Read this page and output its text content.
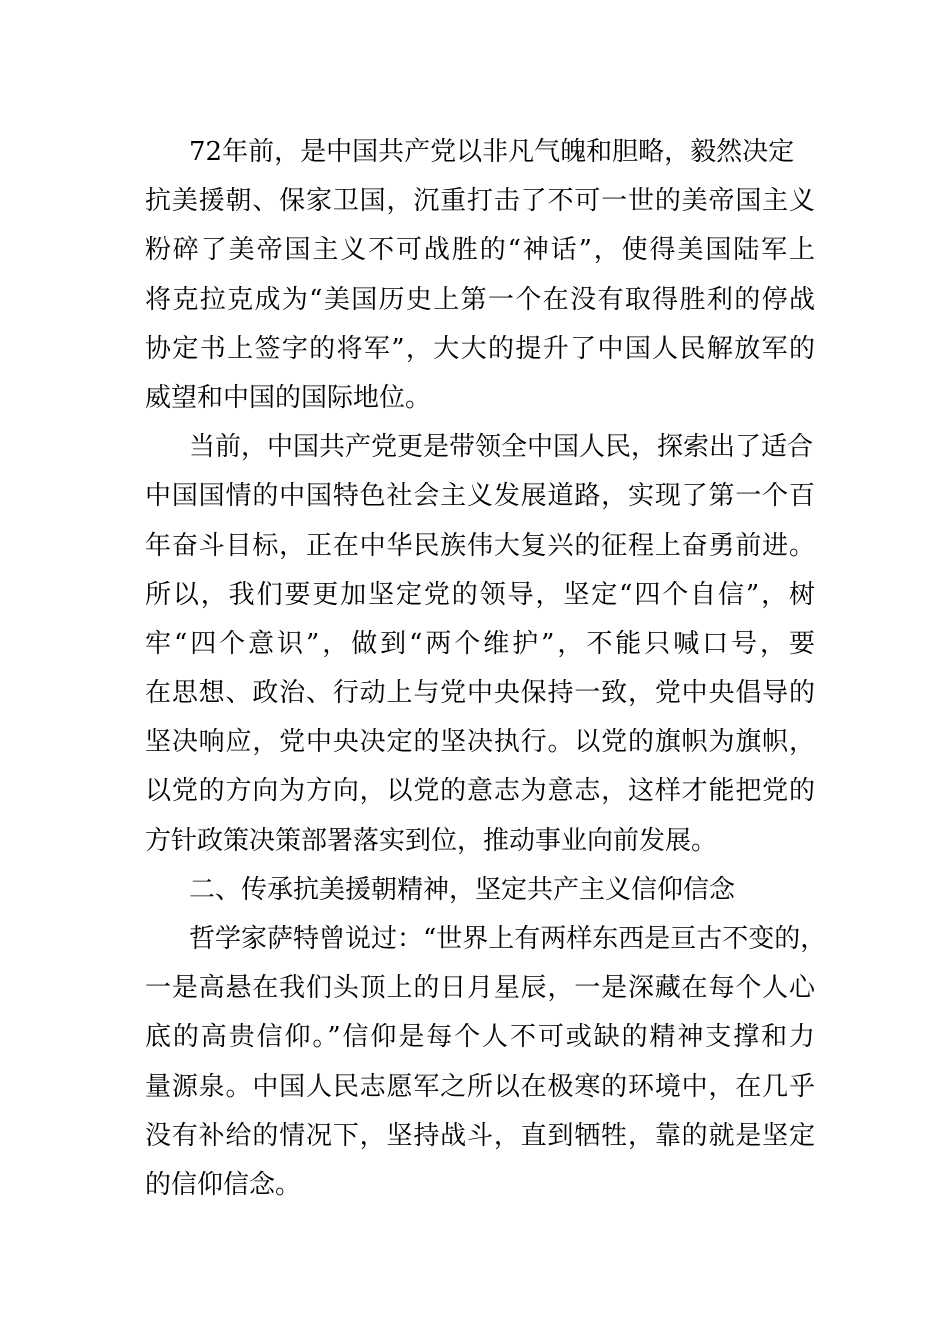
72年前，是中国共产党以非凡气魄和胆略，毅然决定
抗美援朝、保家卫国，沉重打击了不可一世的美帝国主义
粉碎了美帝国主义不可战胜的“神话”，使得美国陆军上
将克拉克成为“美国历史上第一个在没有取得胜利的停战
协定书上签字的将军”，大大的提升了中国人民解放军的
威望和中国的国际地位。
当前，中国共产党更是带领全中国人民，探索出了适合
中国国情的中国特色社会主义发展道路，实现了第一个百
年奋斗目标，正在中华民族伟大复兴的征程上奋勇前进。
所以，我们要更加坚定党的领导，坚定“四个自信”，树
牢“四个意识”，做到“两个维护”，不能只喊口号，要
在思想、政治、行动上与党中央保持一致，党中央倡导的
坚决响应，党中央决定的坚决执行。以党的旗帜为旗帜，
以党的方向为方向，以党的意志为意志，这样才能把党的
方针政策决策部署落实到位，推动事业向前发展。
二、传承抗美援朝精神，坚定共产主义信仰信念
哲学家萨特曾说过：“世界上有两样东西是亘古不变的，
一是高悬在我们头顶上的日月星辰，一是深藏在每个人心
底的高贵信仰。”信仰是每个人不可或缺的精神支撑和力
量源泉。中国人民志愿军之所以在极寒的环境中，在几乎
没有补给的情况下，坚持战斗，直到牺牲，靠的就是坚定
的信仰信念。
